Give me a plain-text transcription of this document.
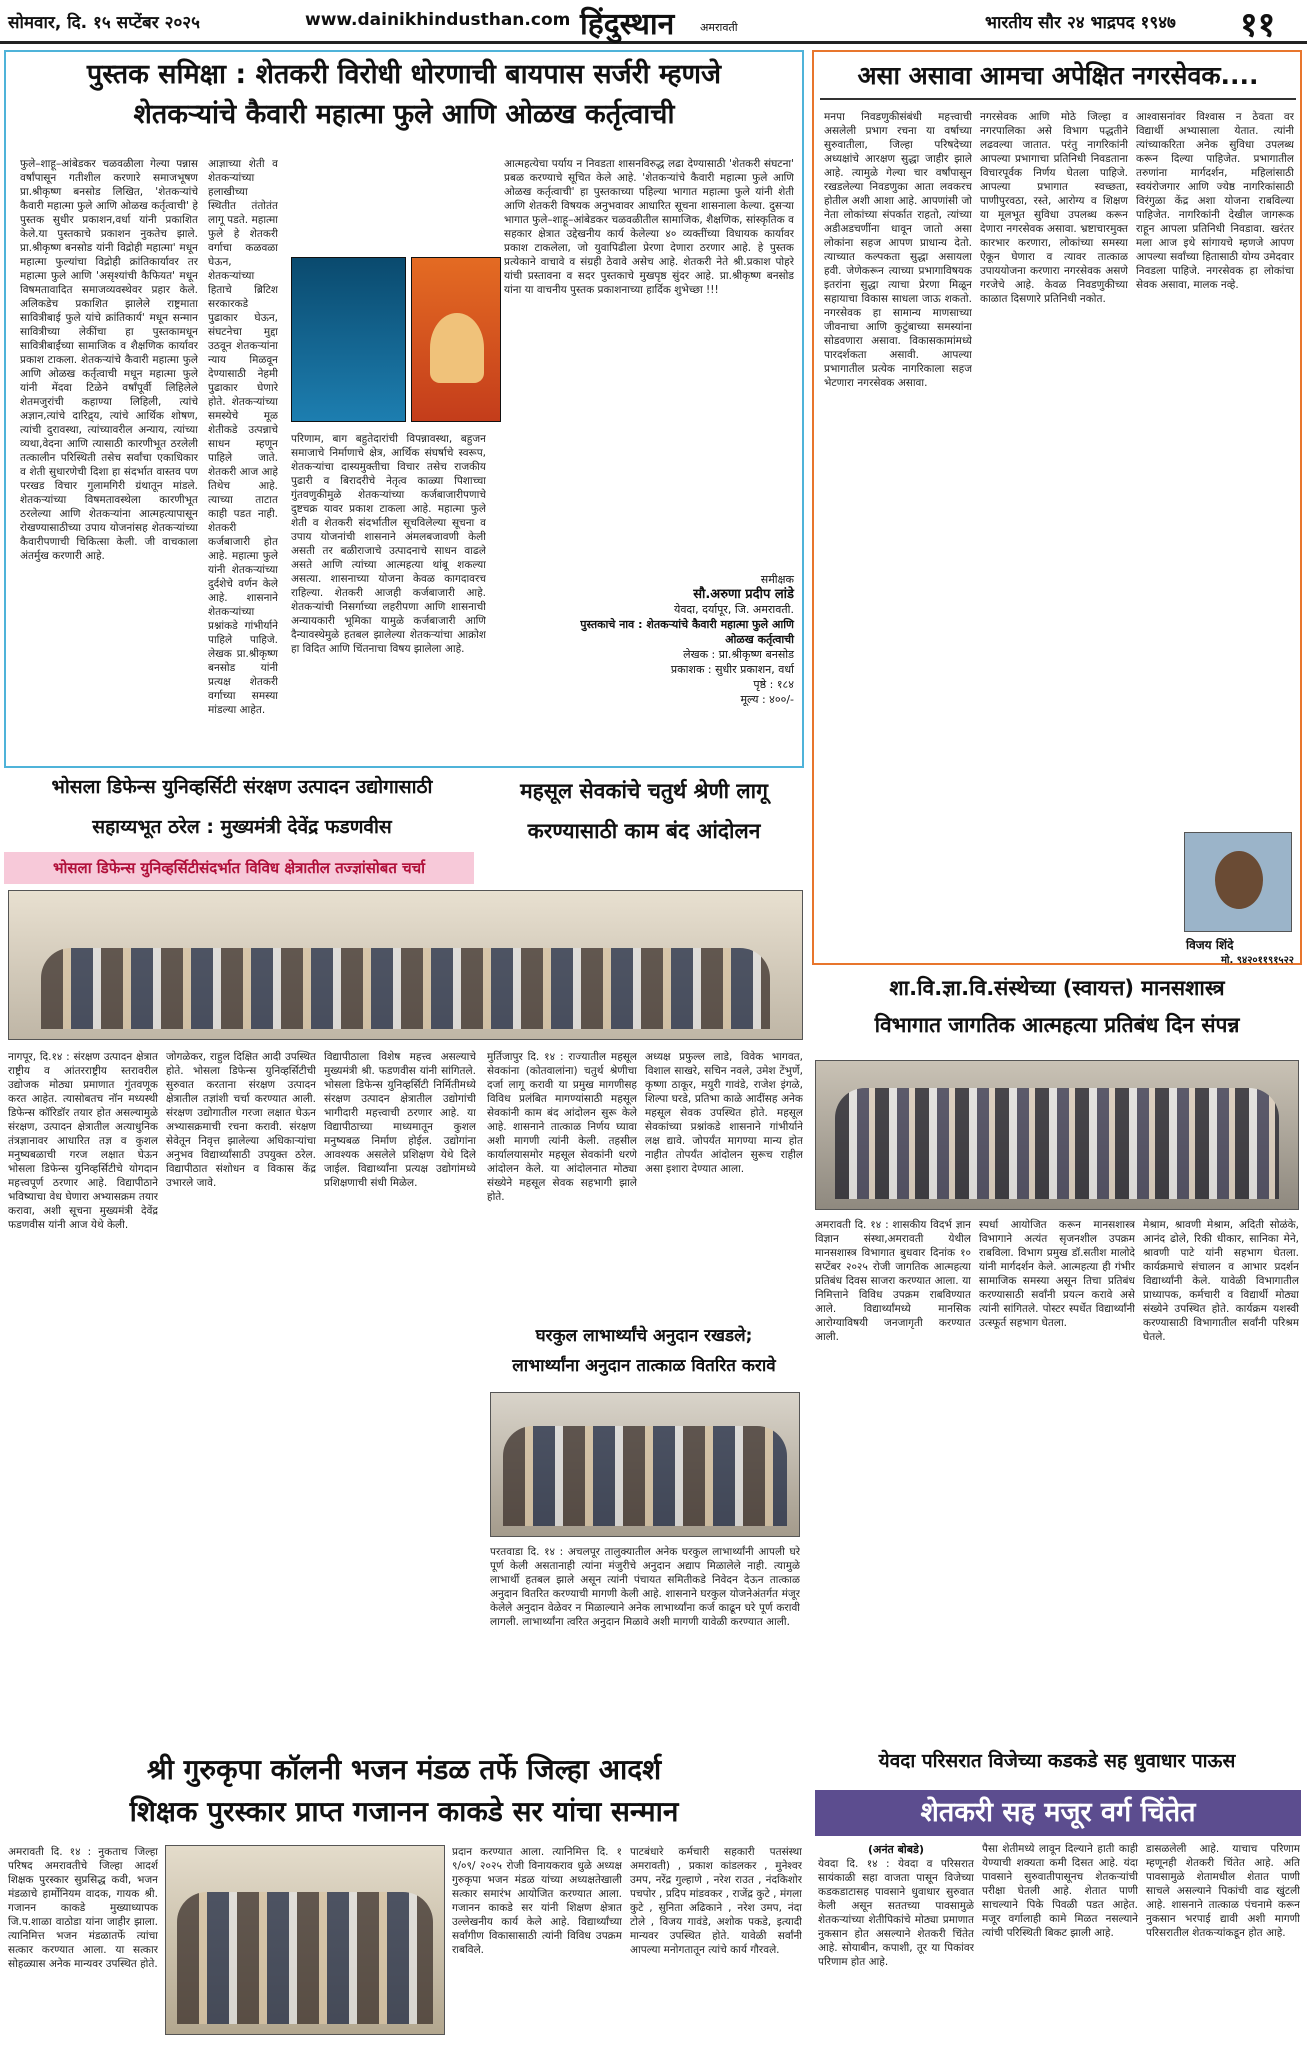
सोमवार, दि. १५ सप्टेंबर २०२५	www.dainikhindusthan.com हिंदुस्थान अमरावती	भारतीय सौर २४ भाद्रपद १९४७ ११
पुस्तक समिक्षा : शेतकरी विरोधी धोरणाची बायपास सर्जरी म्हणजे
शेतकऱ्यांचे कैवारी महात्मा फुले आणि ओळख कर्तृत्वाची
फुले–शाहू–आंबेडकर चळवळीला गेल्या पन्नास वर्षांपासून गतीशील करणारे समाजभूषण प्रा.श्रीकृष्ण बनसोड लिखित, 'शेतकऱ्यांचे कैवारी महात्मा फुले आणि ओळख कर्तृत्वाची' हे पुस्तक सुधीर प्रकाशन,वर्धा यांनी प्रकाशित केले.या पुस्तकाचे प्रकाशन नुकतेच झाले. प्रा.श्रीकृष्ण बनसोड यांनी विद्रोही महात्मा' मधून महात्मा फुल्यांचा विद्रोही क्रांतिकार्यावर तर महात्मा फुले आणि 'असृश्यांची कैफियत' मधून विषमतावादित समाजव्यवस्थेवर प्रहार केले. अलिकडेच प्रकाशित झालेले राष्ट्रमाता सावित्रीबाई फुले यांचे क्रांतिकार्य' मधून सन्मान सावित्रीच्या लेकींचा हा पुस्तकामधून सावित्रीबाईंच्या सामाजिक व शैक्षणिक कार्यावर प्रकाश टाकला. शेतकऱ्यांचे कैवारी महात्मा फुले आणि ओळख कर्तृत्वाची मधून महात्मा फुले यांनी मेंदवा टिळेने वर्षांपूर्वी लिहिलेले शेतमजुरांची कहाण्या लिहिली, त्यांचे अज्ञान,त्यांचे दारिद्र्य, त्यांचे आर्थिक शोषण, त्यांची दुरावस्था, त्यांच्यावरील अन्याय, त्यांच्या व्यथा,वेदना आणि त्यासाठी कारणीभूत ठरलेली तत्कालीन परिस्थिती तसेच सर्वांचा एकाधिकार व शेती सुधारणेची दिशा हा संदर्भात वास्तव पण परखड विचार गुलामगिरी ग्रंथातून मांडले. शेतकऱ्यांच्या विषमतावस्थेला कारणीभूत ठरलेल्या आणि शेतकऱ्यांना आत्महत्यापासून रोखण्यासाठीच्या उपाय योजनांसह शेतकऱ्यांच्या कैवारीपणाची चिकित्सा केली. जी वाचकाला अंतर्मुख करणारी आहे.
आज्ञाच्या शेती व शेतकऱ्यांच्या हलाखीच्या स्थितीत तंतोतंत लागू पडते. महात्मा फुले हे शेतकरी वर्गाचा कळवळा घेऊन, शेतकऱ्यांच्या हिताचे ब्रिटिश सरकारकडे पुढाकार घेऊन, संघटनेचा मुद्दा उठवून शेतकऱ्यांना न्याय मिळवून देण्यासाठी नेहमी पुढाकार घेणारे होते. शेतकऱ्यांच्या समस्येचे मूळ शेतीकडे उत्पन्नाचे साधन म्हणून पाहिले जाते. शेतकरी आज आहे तिथेच आहे. त्याच्या ताटात काही पडत नाही. शेतकरी कर्जबाजारी होत आहे. महात्मा फुले यांनी शेतकऱ्यांच्या दुर्दशेचे वर्णन केले आहे. शासनाने शेतकऱ्यांच्या प्रश्नांकडे गांभीर्याने पाहिले पाहिजे. लेखक प्रा.श्रीकृष्ण बनसोड यांनी प्रत्यक्ष शेतकरी वर्गाच्या समस्या मांडल्या आहेत.
परिणाम, बाग बहुतेदारांची विपन्नावस्था, बहुजन समाजाचे निर्माणाचे क्षेत्र, आर्थिक संघर्षाचे स्वरूप, शेतकऱ्यांचा दास्यमुक्तीचा विचार तसेच राजकीय पुढारी व बिरादरीचे नेतृत्व काळ्या पिशाच्चा गुंतवणुकीमुळे शेतकऱ्यांच्या कर्जबाजारीपणाचे दुष्टचक्र यावर प्रकाश टाकला आहे. महात्मा फुले शेती व शेतकरी संदर्भातील सूचविलेल्या सूचना व उपाय योजनांची शासनाने अंमलबजावणी केली असती तर बळीराजाचे उत्पादनाचे साधन वाढले असते आणि त्यांच्या आत्महत्या थांबू शकल्या असत्या. शासनाच्या योजना केवळ कागदावरच राहिल्या. शेतकरी आजही कर्जबाजारी आहे. शेतकऱ्यांची निसर्गाच्या लहरीपणा आणि शासनाची अन्यायकारी भूमिका यामुळे कर्जबाजारी आणि दैन्यावस्थेमुळे हतबल झालेल्या शेतकऱ्यांचा आक्रोश हा विदित आणि चिंतनाचा विषय झालेला आहे.
आत्महत्येचा पर्याय न निवडता शासनविरुद्ध लढा देण्यासाठी 'शेतकरी संघटना' प्रबळ करण्याचे सूचित केले आहे. 'शेतकऱ्यांचे कैवारी महात्मा फुले आणि ओळख कर्तृत्वाची' हा पुस्तकाच्या पहिल्या भागात महात्मा फुले यांनी शेती आणि शेतकरी विषयक अनुभवावर आधारित सूचना शासनाला केल्या. दुसऱ्या भागात फुले–शाहू–आंबेडकर चळवळीतील सामाजिक, शैक्षणिक, सांस्कृतिक व सहकार क्षेत्रात उद्देखनीय कार्य केलेल्या ४० व्यक्तींच्या विधायक कार्यावर प्रकाश टाकलेला, जो युवापिढीला प्रेरणा देणारा ठरणार आहे. हे पुस्तक प्रत्येकाने वाचावे व संग्रही ठेवावे असेच आहे. शेतकरी नेते श्री.प्रकाश पोहरे यांची प्रस्तावना व सदर पुस्तकाचे मुखपृष्ठ सुंदर आहे. प्रा.श्रीकृष्ण बनसोड यांना या वाचनीय पुस्तक प्रकाशनाच्या हार्दिक शुभेच्छा !!!
समीक्षक
सौ.अरुणा प्रदीप लांडे
येवदा, दर्यापूर, जि. अमरावती.
पुस्तकाचे नाव : शेतकऱ्यांचे कैवारी महात्मा फुले आणि ओळख कर्तृत्वाची
लेखक : प्रा.श्रीकृष्ण बनसोड
प्रकाशक : सुधीर प्रकाशन, वर्धा
पृष्ठे : १८४
मूल्य : ४००/-
असा असावा आमचा अपेक्षित नगरसेवक....
मनपा निवडणुकीसंबंधी महत्त्वाची असलेली प्रभाग रचना या वर्षाच्या सुरुवातीला, जिल्हा परिषदेच्या अध्यक्षांचे आरक्षण सुद्धा जाहीर झाले आहे. त्यामुळे गेल्या चार वर्षांपासून रखडलेल्या निवडणुका आता लवकरच होतील अशी आशा आहे. आपणांसी जो नेता लोकांच्या संपर्कात राहतो, त्यांच्या अडीअडचणींना धावून जातो असा लोकांना सहज आपण प्राधान्य देतो. त्याच्यात कल्पकता सुद्धा असायला हवी. जेणेकरून त्याच्या प्रभागाविषयक इतरांना सुद्धा त्याचा प्रेरणा मिळून सहायाचा विकास साधला जाऊ शकतो. नगरसेवक हा सामान्य माणसाच्या जीवनाचा आणि कुटुंबाच्या समस्यांना सोडवणारा असावा. विकासकामांमध्ये पारदर्शकता असावी. आपल्या प्रभागातील प्रत्येक नागरिकाला सहज भेटणारा नगरसेवक असावा.
नगरसेवक आणि मोठे जिल्हा व नगरपालिका असे विभाग पद्धतीने लढवल्या जातात. परंतु नागरिकांनी आपल्या प्रभागाचा प्रतिनिधी निवडताना विचारपूर्वक निर्णय घेतला पाहिजे. आपल्या प्रभागात स्वच्छता, पाणीपुरवठा, रस्ते, आरोग्य व शिक्षण या मूलभूत सुविधा उपलब्ध करून देणारा नगरसेवक असावा. भ्रष्टाचारमुक्त कारभार करणारा, लोकांच्या समस्या ऐकून घेणारा व त्यावर तात्काळ उपाययोजना करणारा नगरसेवक असणे गरजेचे आहे. केवळ निवडणुकीच्या काळात दिसणारे प्रतिनिधी नकोत.
आश्वासनांवर विश्वास न ठेवता वर विद्यार्थी अभ्यासाला येतात. त्यांनी त्यांच्याकरिता अनेक सुविधा उपलब्ध करून दिल्या पाहिजेत. प्रभागातील तरुणांना मार्गदर्शन, महिलांसाठी स्वयंरोजगार आणि ज्येष्ठ नागरिकांसाठी विरंगुळा केंद्र अशा योजना राबविल्या पाहिजेत. नागरिकांनी देखील जागरूक राहून आपला प्रतिनिधी निवडावा. खरंतर मला आज इथे सांगायचे म्हणजे आपण आपल्या सर्वांच्या हितासाठी योग्य उमेदवार निवडला पाहिजे. नगरसेवक हा लोकांचा सेवक असावा, मालक नव्हे.
विजय शिंदे
मो. ९४२०११९१५२२
भोसला डिफेन्स युनिव्हर्सिटी संरक्षण उत्पादन उद्योगासाठी
सहाय्यभूत ठरेल : मुख्यमंत्री देवेंद्र फडणवीस
भोसला डिफेन्स युनिव्हर्सिटीसंदर्भात विविध क्षेत्रातील तज्ज्ञांसोबत चर्चा
नागपूर, दि.१४ : संरक्षण उत्पादन क्षेत्रात राष्ट्रीय व आंतरराष्ट्रीय स्तरावरील उद्योजक मोठ्या प्रमाणात गुंतवणूक करत आहेत. त्यासोबतच नॉन मध्यस्थी डिफेन्स कॉरिडॉर तयार होत असल्यामुळे संरक्षण, उत्पादन क्षेत्रातील अत्याधुनिक तंत्रज्ञानावर आधारित तज्ञ व कुशल मनुष्यबळाची गरज लक्षात घेऊन भोसला डिफेन्स युनिव्हर्सिटीचे योगदान महत्त्वपूर्ण ठरणार आहे. विद्यापीठाने भविष्याचा वेध घेणारा अभ्यासक्रम तयार करावा, अशी सूचना मुख्यमंत्री देवेंद्र फडणवीस यांनी आज येथे केली.
जोगळेकर, राहुल दिक्षित आदी उपस्थित होते. भोसला डिफेन्स युनिव्हर्सिटीची सुरुवात करताना संरक्षण उत्पादन क्षेत्रातील तज्ञांशी चर्चा करण्यात आली. संरक्षण उद्योगातील गरजा लक्षात घेऊन अभ्यासक्रमाची रचना करावी. संरक्षण सेवेतून निवृत्त झालेल्या अधिकाऱ्यांचा अनुभव विद्यार्थ्यांसाठी उपयुक्त ठरेल. विद्यापीठात संशोधन व विकास केंद्र उभारले जावे.
विद्यापीठाला विशेष महत्त्व असल्याचे मुख्यमंत्री श्री. फडणवीस यांनी सांगितले. भोसला डिफेन्स युनिव्हर्सिटी निर्मितीमध्ये संरक्षण उत्पादन क्षेत्रातील उद्योगांची भागीदारी महत्त्वाची ठरणार आहे. या विद्यापीठाच्या माध्यमातून कुशल मनुष्यबळ निर्माण होईल. उद्योगांना आवश्यक असलेले प्रशिक्षण येथे दिले जाईल. विद्यार्थ्यांना प्रत्यक्ष उद्योगांमध्ये प्रशिक्षणाची संधी मिळेल.
महसूल सेवकांचे चतुर्थ श्रेणी लागू
करण्यासाठी काम बंद आंदोलन
मुर्तिजापुर दि. १४ : राज्यातील महसूल सेवकांना (कोतवालांना) चतुर्थ श्रेणीचा दर्जा लागू करावी या प्रमुख मागणीसह विविध प्रलंबित मागण्यांसाठी महसूल सेवकांनी काम बंद आंदोलन सुरू केले आहे. शासनाने तात्काळ निर्णय घ्यावा अशी मागणी त्यांनी केली. तहसील कार्यालयासमोर महसूल सेवकांनी धरणे आंदोलन केले. या आंदोलनात मोठ्या संख्येने महसूल सेवक सहभागी झाले होते.
अध्यक्ष प्रफुल्ल लाडे, विवेक भागवत, विशाल साखरे, सचिन नवले, उमेश टेंभुर्णे, कृष्णा ठाकूर, मयुरी गावंडे, राजेश इंगळे, शिल्पा घरडे, प्रतिभा काळे आदींसह अनेक महसूल सेवक उपस्थित होते. महसूल सेवकांच्या प्रश्नांकडे शासनाने गांभीर्याने लक्ष द्यावे. जोपर्यंत मागण्या मान्य होत नाहीत तोपर्यंत आंदोलन सुरूच राहील असा इशारा देण्यात आला.
घरकुल लाभार्थ्यांचे अनुदान रखडले;
लाभार्थ्यांना अनुदान तात्काळ वितरित करावे
परतवाडा दि. १४ : अचलपूर तालुक्यातील अनेक घरकुल लाभार्थ्यांनी आपली घरे पूर्ण केली असतानाही त्यांना मंजुरीचे अनुदान अद्याप मिळालेले नाही. त्यामुळे लाभार्थी हतबल झाले असून त्यांनी पंचायत समितीकडे निवेदन देऊन तात्काळ अनुदान वितरित करण्याची मागणी केली आहे. शासनाने घरकुल योजनेअंतर्गत मंजूर केलेले अनुदान वेळेवर न मिळाल्याने अनेक लाभार्थ्यांना कर्ज काढून घरे पूर्ण करावी लागली. लाभार्थ्यांना त्वरित अनुदान मिळावे अशी मागणी यावेळी करण्यात आली.
शा.वि.ज्ञा.वि.संस्थेच्या (स्वायत्त) मानसशास्त्र
विभागात जागतिक आत्महत्या प्रतिबंध दिन संपन्न
अमरावती दि. १४ : शासकीय विदर्भ ज्ञान विज्ञान संस्था,अमरावती येथील मानसशास्त्र विभागात बुधवार दिनांक १० सप्टेंबर २०२५ रोजी जागतिक आत्महत्या प्रतिबंध दिवस साजरा करण्यात आला. या निमित्ताने विविध उपक्रम राबविण्यात आले. विद्यार्थ्यांमध्ये मानसिक आरोग्याविषयी जनजागृती करण्यात आली.
स्पर्धा आयोजित करून मानसशास्त्र विभागाने अत्यंत सृजनशील उपक्रम राबविला. विभाग प्रमुख डॉ.सतीश मालोदे यांनी मार्गदर्शन केले. आत्महत्या ही गंभीर सामाजिक समस्या असून तिचा प्रतिबंध करण्यासाठी सर्वांनी प्रयत्न करावे असे त्यांनी सांगितले. पोस्टर स्पर्धेत विद्यार्थ्यांनी उत्स्फूर्त सहभाग घेतला.
मेश्राम, श्रावणी मेश्राम, अदिती सोळंके, आनंद ढोले, रिकी धीकार, सानिका मेने, श्रावणी पाटे यांनी सहभाग घेतला. कार्यक्रमाचे संचालन व आभार प्रदर्शन विद्यार्थ्यांनी केले. यावेळी विभागातील प्राध्यापक, कर्मचारी व विद्यार्थी मोठ्या संख्येने उपस्थित होते. कार्यक्रम यशस्वी करण्यासाठी विभागातील सर्वांनी परिश्रम घेतले.
श्री गुरुकृपा कॉलनी भजन मंडळ तर्फे जिल्हा आदर्श
शिक्षक पुरस्कार प्राप्त गजानन काकडे सर यांचा सन्मान
अमरावती दि. १४ : नुकताच जिल्हा परिषद अमरावतीचे जिल्हा आदर्श शिक्षक पुरस्कार सुप्रसिद्ध कवी, भजन मंडळाचे हार्मोनियम वादक, गायक श्री. गजानन काकडे मुख्याध्यापक जि.प.शाळा वाठोडा यांना जाहीर झाला. त्यानिमित्त भजन मंडळातर्फे त्यांचा सत्कार करण्यात आला. या सत्कार सोहळ्यास अनेक मान्यवर उपस्थित होते.
प्रदान करण्यात आला. त्यानिमित्त दि. १ ९/०९/ २०२५ रोजी विनायकराव धुळे अध्यक्ष गुरुकृपा भजन मंडळ यांच्या अध्यक्षतेखाली सत्कार समारंभ आयोजित करण्यात आला. गजानन काकडे सर यांनी शिक्षण क्षेत्रात उल्लेखनीय कार्य केले आहे. विद्यार्थ्यांच्या सर्वांगीण विकासासाठी त्यांनी विविध उपक्रम राबविले.
पाटबंधारे कर्मचारी सहकारी पतसंस्था अमरावती) , प्रकाश कांडलकर , मुनेश्वर उमप, नरेंद्र गुल्हाणे , नरेश राउत , नंदकिशोर पचपोर , प्रदिप मांडवकर , राजेंद्र कुटे , मंगला कुटे , सुनिता अढिकाने , नरेश उमप, नंदा टोले , विजय गावंडे, अशोक पकडे, इत्यादी मान्यवर उपस्थित होते. यावेळी सर्वांनी आपल्या मनोगतातून त्यांचे कार्य गौरवले.
येवदा परिसरात विजेच्या कडकडे सह धुवाधार पाऊस
शेतकरी सह मजूर वर्ग चिंतेत
(अनंत बोबडे)
येवदा दि. १४ : येवदा व परिसरात सायंकाळी सहा वाजता पासून विजेच्या कडकडाटासह पावसाने धुवाधार सुरुवात केली असून सततच्या पावसामुळे शेतकऱ्यांच्या शेतीपिकांचे मोठ्या प्रमाणात नुकसान होत असल्याने शेतकरी चिंतेत आहे. सोयाबीन, कपाशी, तूर या पिकांवर परिणाम होत आहे.
पैसा शेतीमध्ये लावून दिल्याने हाती काही येण्याची शक्यता कमी दिसत आहे. यंदा पावसाने सुरुवातीपासूनच शेतकऱ्यांची परीक्षा घेतली आहे. शेतात पाणी साचल्याने पिके पिवळी पडत आहेत. मजूर वर्गालाही कामे मिळत नसल्याने त्यांची परिस्थिती बिकट झाली आहे.
डासळलेली आहे. याचाच परिणाम म्हणूनही शेतकरी चिंतेत आहे. अति पावसामुळे शेतामधील शेतात पाणी साचले असल्याने पिकांची वाढ खुंटली आहे. शासनाने तात्काळ पंचनामे करून नुकसान भरपाई द्यावी अशी मागणी परिसरातील शेतकऱ्यांकडून होत आहे.
